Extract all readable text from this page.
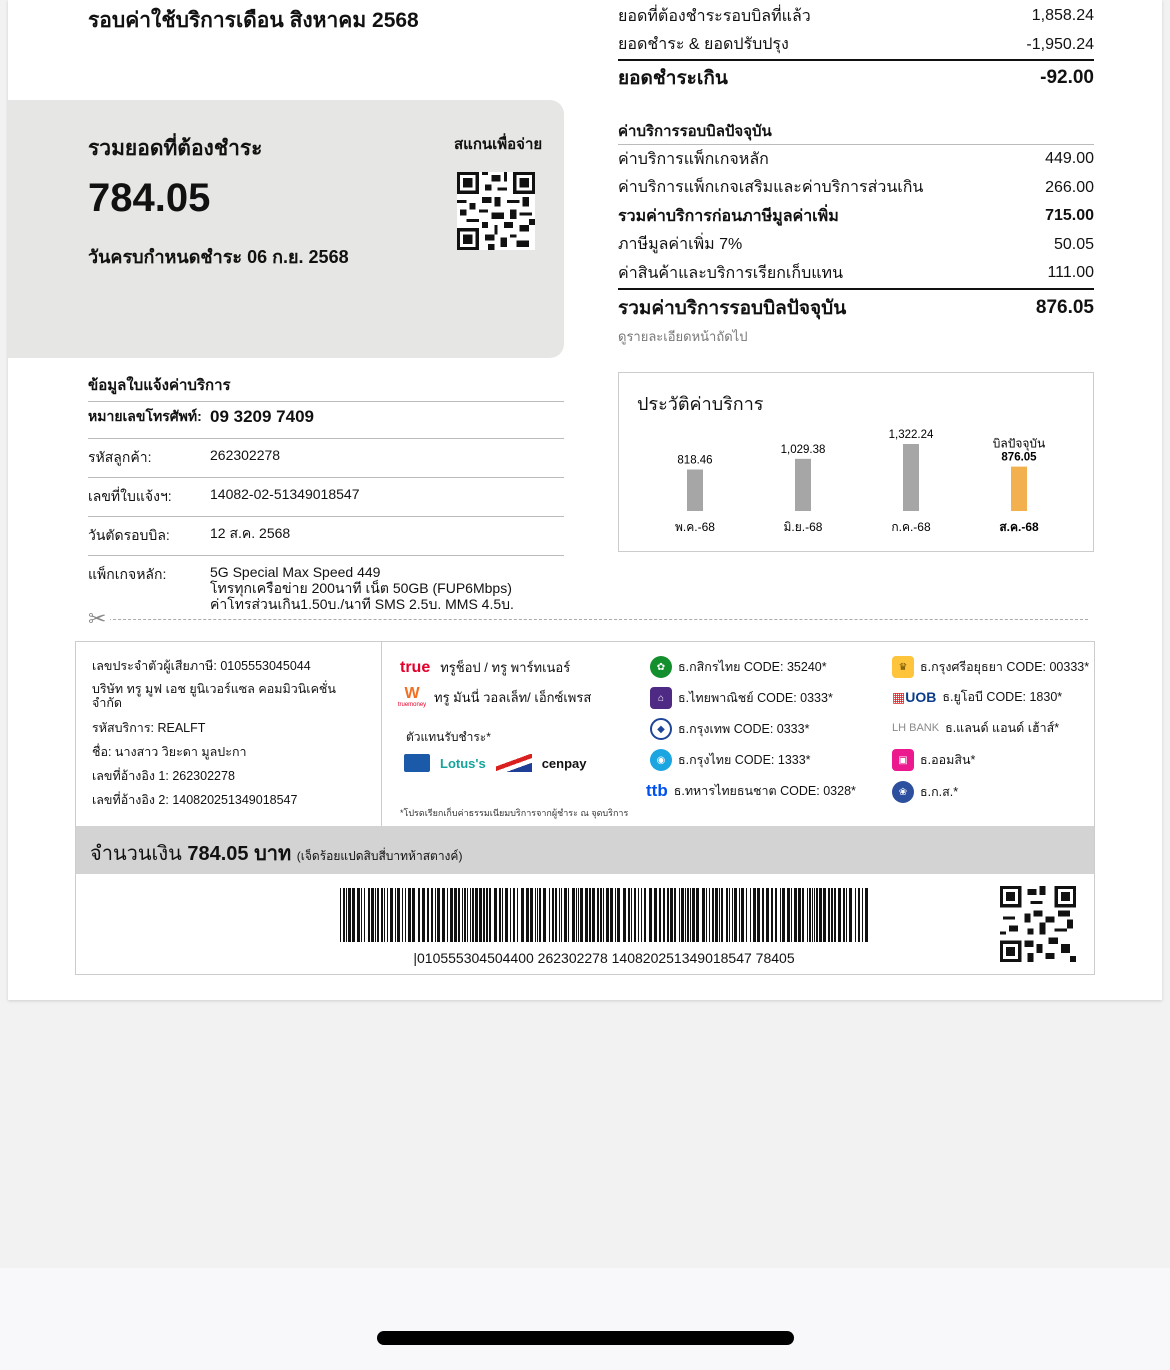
รอบค่าใช้บริการเดือน สิงหาคม 2568
รวมยอดที่ต้องชำระ
784.05
วันครบกำหนดชำระ 06 ก.ย. 2568
สแกนเพื่อจ่าย
ยอดที่ต้องชำระรอบบิลที่แล้ว	1,858.24
ยอดชำระ & ยอดปรับปรุง	-1,950.24
ยอดชำระเกิน	-92.00
ค่าบริการรอบบิลปัจจุบัน
ค่าบริการแพ็กเกจหลัก	449.00
ค่าบริการแพ็กเกจเสริมและค่าบริการส่วนเกิน	266.00
รวมค่าบริการก่อนภาษีมูลค่าเพิ่ม	715.00
ภาษีมูลค่าเพิ่ม 7%	50.05
ค่าสินค้าและบริการเรียกเก็บแทน	111.00
รวมค่าบริการรอบบิลปัจจุบัน	876.05
ดูรายละเอียดหน้าถัดไป
ข้อมูลใบแจ้งค่าบริการ
หมายเลขโทรศัพท์: 09 3209 7409
รหัสลูกค้า:	262302278
เลขที่ใบแจ้งฯ:	14082-02-51349018547
วันตัดรอบบิล:	12 ส.ค. 2568
แพ็กเกจหลัก:	5G Special Max Speed 449
โทรทุกเครือข่าย 200นาที เน็ต 50GB (FUP6Mbps)
ค่าโทรส่วนเกิน1.50บ./นาที SMS 2.5บ. MMS 4.5บ.
ประวัติค่าบริการ
818.46
พ.ค.-68
1,029.38
มิ.ย.-68
1,322.24
ก.ค.-68
876.05
บิลปัจจุบัน
ส.ค.-68
✂
เลขประจำตัวผู้เสียภาษี: 0105553045044
บริษัท ทรู มูฟ เอช ยูนิเวอร์แซล คอมมิวนิเคชั่น จำกัด
รหัสบริการ: REALFT
ชื่อ: นางสาว วิยะดา มูลปะกา
เลขที่อ้างอิง 1: 262302278
เลขที่อ้างอิง 2: 140820251349018547
true ทรูช็อป / ทรู พาร์ทเนอร์
W
truemoney
ทรู มันนี่ วอลเล็ท/ เอ็กซ์เพรส
ตัวแทนรับชำระ*
Lotus's	cenpay
*โปรดเรียกเก็บค่าธรรมเนียมบริการจากผู้ชำระ ณ จุดบริการ
✿	ธ.กสิกรไทย CODE: 35240*
⌂	ธ.ไทยพาณิชย์ CODE: 0333*
◆	ธ.กรุงเทพ CODE: 0333*
◉	ธ.กรุงไทย CODE: 1333*
ttb ธ.ทหารไทยธนชาต CODE: 0328*
♛	ธ.กรุงศรีอยุธยา CODE: 00333*
▦UOB ธ.ยูโอบี CODE: 1830*
LH BANK ธ.แลนด์ แอนด์ เฮ้าส์*
▣ ธ.ออมสิน*
❀	ธ.ก.ส.*
จำนวนเงิน 784.05 บาท (เจ็ดร้อยแปดสิบสี่บาทห้าสตางค์)
|010555304504400 262302278 140820251349018547 78405
